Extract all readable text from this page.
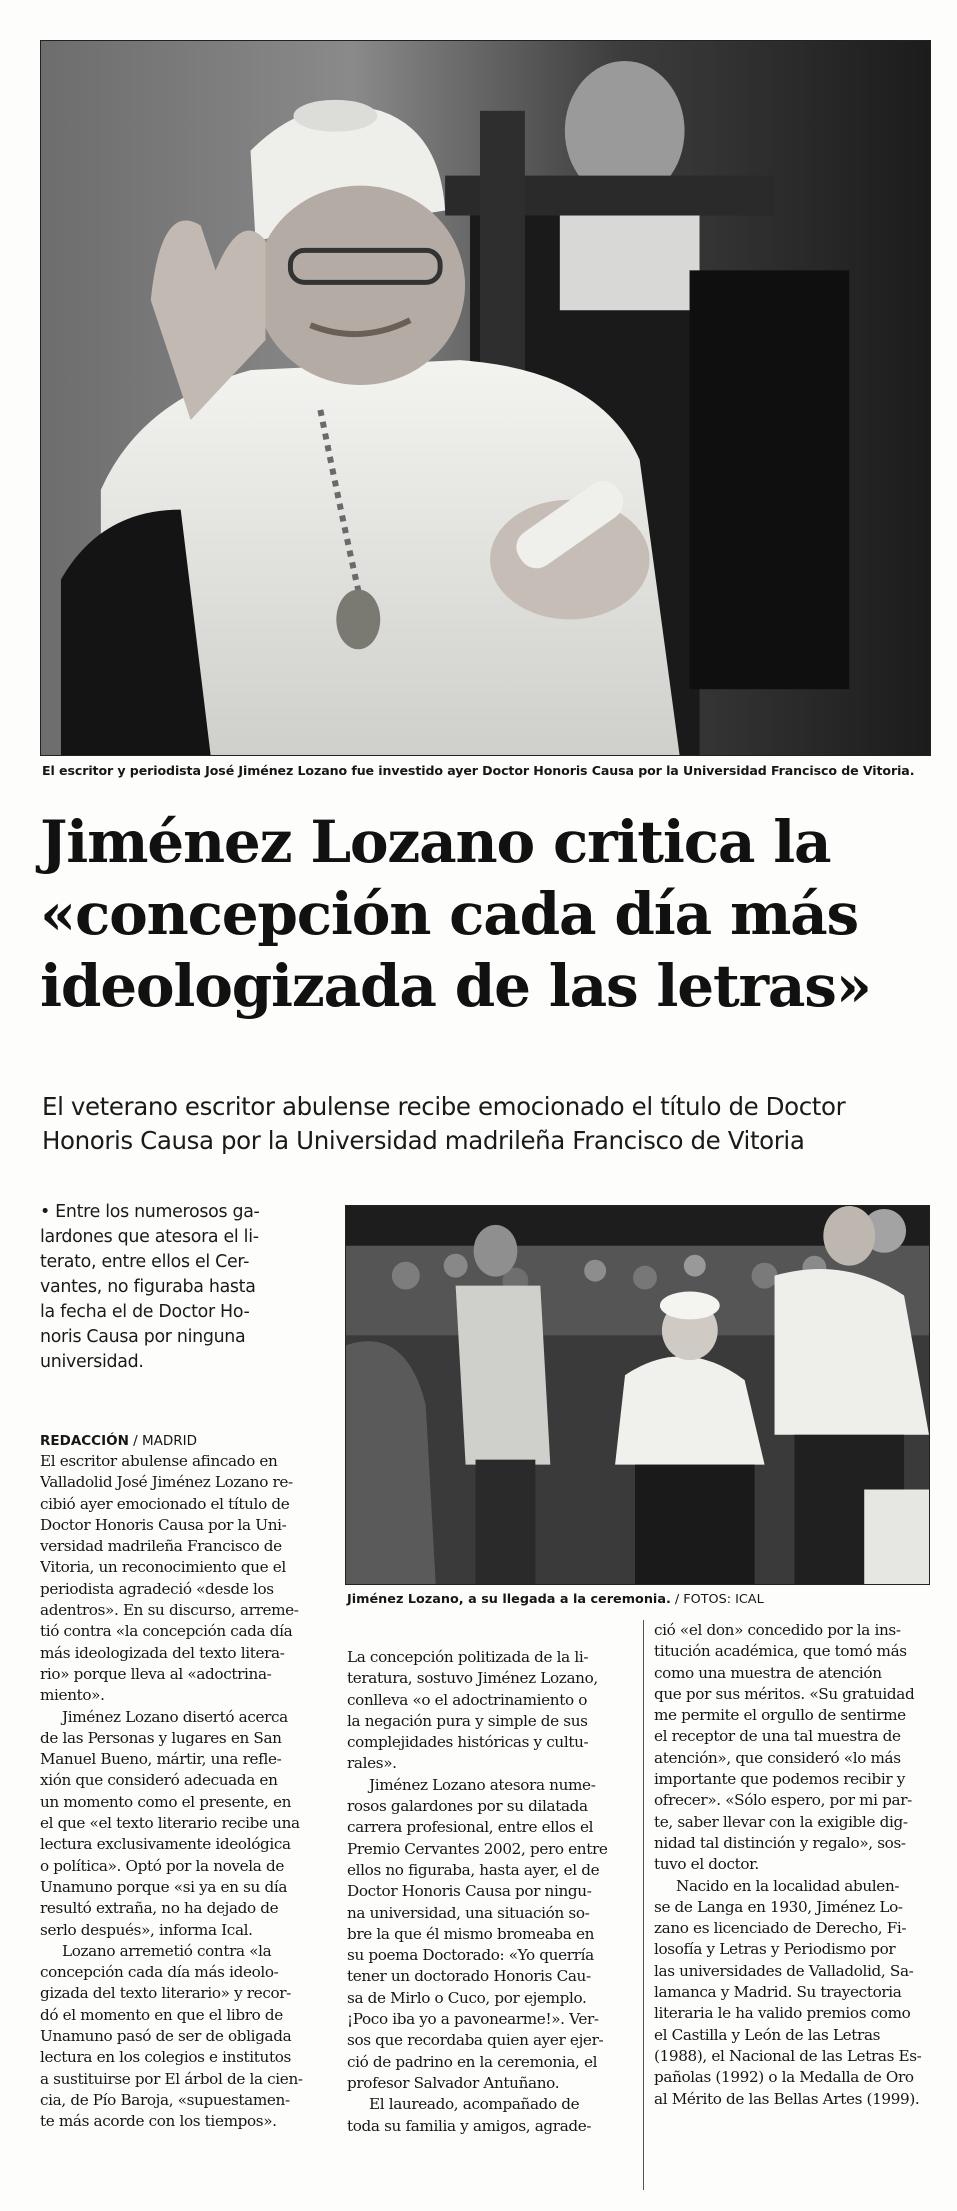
El escritor y periodista José Jiménez Lozano fue investido ayer Doctor Honoris Causa por la Universidad Francisco de Vitoria.
Jiménez Lozano critica la
«concepción cada día más
ideologizada de las letras»
El veterano escritor abulense recibe emocionado el título de Doctor
Honoris Causa por la Universidad madrileña Francisco de Vitoria
• Entre los numerosos ga-
lardones que atesora el li-
terato, entre ellos el Cer-
vantes, no figuraba hasta
la fecha el de Doctor Ho-
noris Causa por ninguna
universidad.
REDACCIÓN / MADRID
Jiménez Lozano, a su llegada a la ceremonia. / FOTOS: ICAL
El escritor abulense afincado en
Valladolid José Jiménez Lozano re-
cibió ayer emocionado el título de
Doctor Honoris Causa por la Uni-
versidad madrileña Francisco de
Vitoria, un reconocimiento que el
periodista agradeció «desde los
adentros». En su discurso, arreme-
tió contra «la concepción cada día
más ideologizada del texto litera-
rio» porque lleva al «adoctrina-
miento».
Jiménez Lozano disertó acerca
de las Personas y lugares en San
Manuel Bueno, mártir, una refle-
xión que consideró adecuada en
un momento como el presente, en
el que «el texto literario recibe una
lectura exclusivamente ideológica
o política». Optó por la novela de
Unamuno porque «si ya en su día
resultó extraña, no ha dejado de
serlo después», informa Ical.
Lozano arremetió contra «la
concepción cada día más ideolo-
gizada del texto literario» y recor-
dó el momento en que el libro de
Unamuno pasó de ser de obligada
lectura en los colegios e institutos
a sustituirse por El árbol de la cien-
cia, de Pío Baroja, «supuestamen-
te más acorde con los tiempos».
La concepción politizada de la li-
teratura, sostuvo Jiménez Lozano,
conlleva «o el adoctrinamiento o
la negación pura y simple de sus
complejidades históricas y cultu-
rales».
Jiménez Lozano atesora nume-
rosos galardones por su dilatada
carrera profesional, entre ellos el
Premio Cervantes 2002, pero entre
ellos no figuraba, hasta ayer, el de
Doctor Honoris Causa por ningu-
na universidad, una situación so-
bre la que él mismo bromeaba en
su poema Doctorado: «Yo querría
tener un doctorado Honoris Cau-
sa de Mirlo o Cuco, por ejemplo.
¡Poco iba yo a pavonearme!». Ver-
sos que recordaba quien ayer ejer-
ció de padrino en la ceremonia, el
profesor Salvador Antuñano.
El laureado, acompañado de
toda su familia y amigos, agrade-
ció «el don» concedido por la ins-
titución académica, que tomó más
como una muestra de atención
que por sus méritos. «Su gratuidad
me permite el orgullo de sentirme
el receptor de una tal muestra de
atención», que consideró «lo más
importante que podemos recibir y
ofrecer». «Sólo espero, por mi par-
te, saber llevar con la exigible dig-
nidad tal distinción y regalo», sos-
tuvo el doctor.
Nacido en la localidad abulen-
se de Langa en 1930, Jiménez Lo-
zano es licenciado de Derecho, Fi-
losofía y Letras y Periodismo por
las universidades de Valladolid, Sa-
lamanca y Madrid. Su trayectoria
literaria le ha valido premios como
el Castilla y León de las Letras
(1988), el Nacional de las Letras Es-
pañolas (1992) o la Medalla de Oro
al Mérito de las Bellas Artes (1999).
